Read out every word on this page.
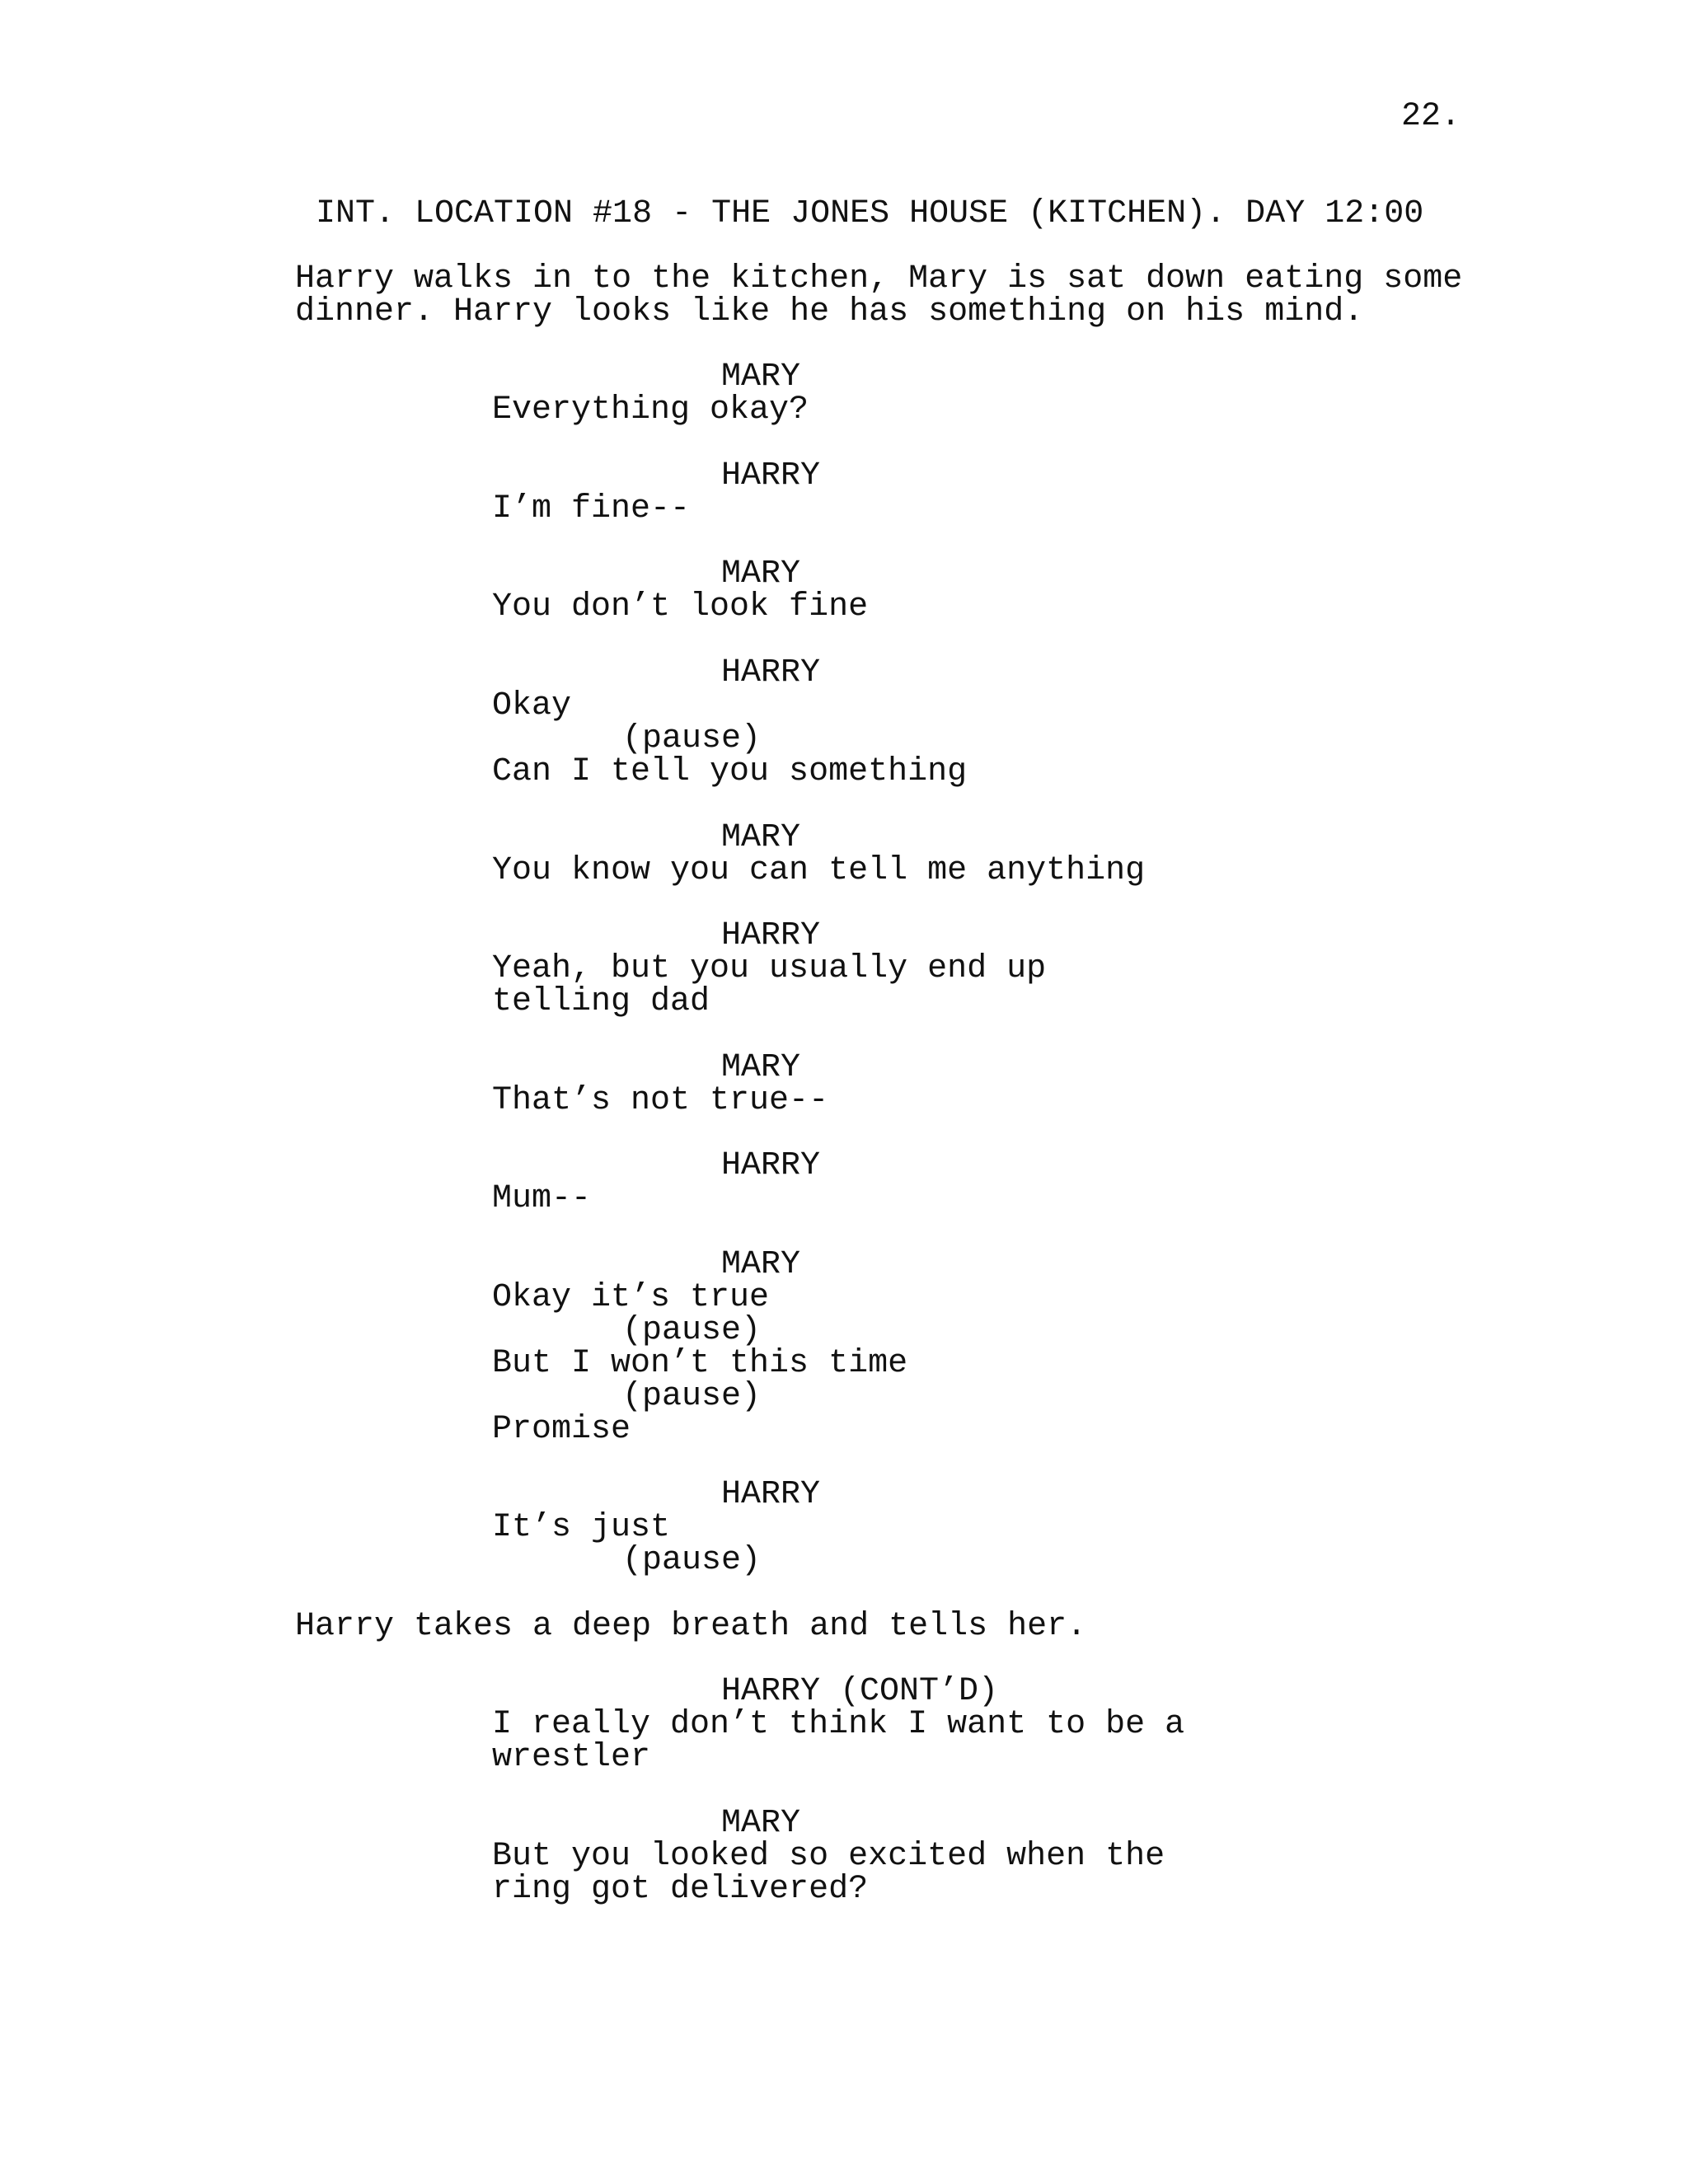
22.
INT. LOCATION #18 - THE JONES HOUSE (KITCHEN). DAY 12:00
Harry walks in to the kitchen, Mary is sat down eating some
dinner. Harry looks like he has something on his mind.
MARY
Everything okay?
HARRY
I’m fine--
MARY
You don’t look fine
HARRY
Okay
(pause)
Can I tell you something
MARY
You know you can tell me anything
HARRY
Yeah, but you usually end up
telling dad
MARY
That’s not true--
HARRY
Mum--
MARY
Okay it’s true
(pause)
But I won’t this time
(pause)
Promise
HARRY
It’s just
(pause)
Harry takes a deep breath and tells her.
HARRY (CONT’D)
I really don’t think I want to be a
wrestler
MARY
But you looked so excited when the
ring got delivered?
